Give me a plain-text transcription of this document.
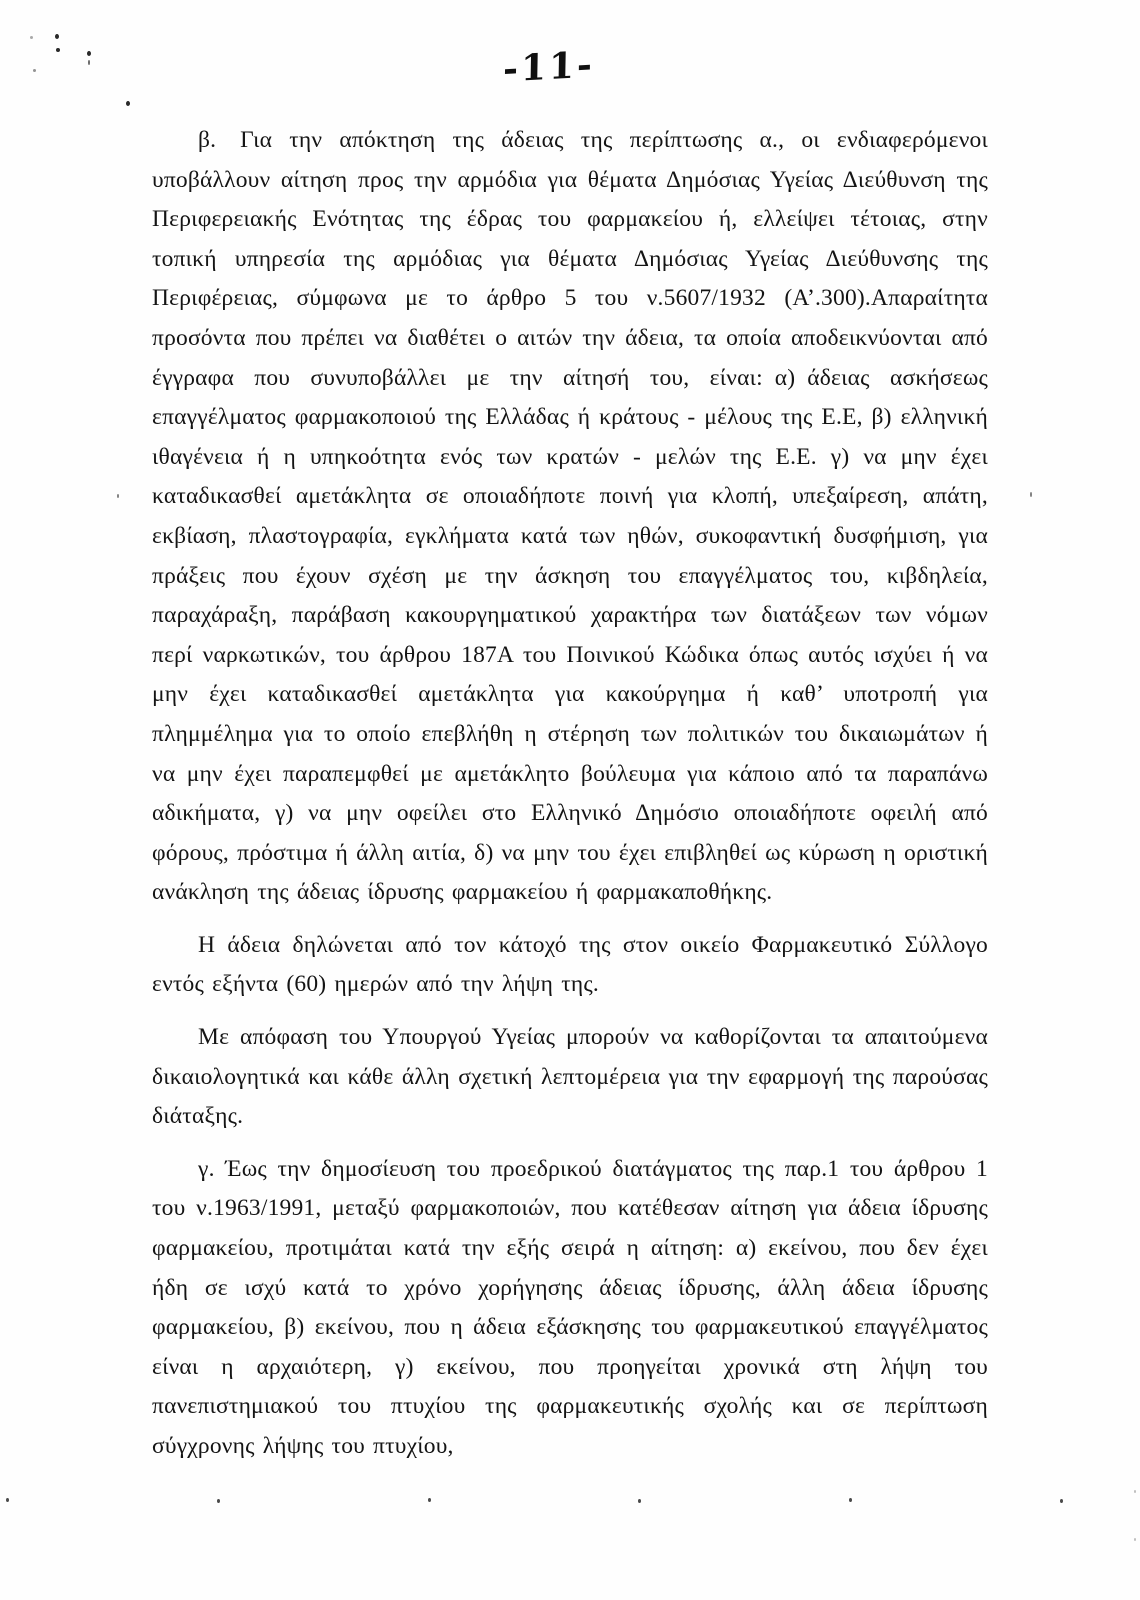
-11-

β.  Για την απόκτηση της άδειας της περίπτωσης α., οι ενδιαφερόμενοι υποβάλλουν αίτηση προς την αρμόδια για θέματα Δημόσιας Υγείας Διεύθυνση της Περιφερειακής Ενότητας της έδρας του φαρμακείου ή, ελλείψει τέτοιας, στην τοπική υπηρεσία της αρμόδιας για θέματα Δημόσιας Υγείας Διεύθυνσης της Περιφέρειας, σύμφωνα με το άρθρο 5 του ν.5607/1932 (Α’.300).Απαραίτητα προσόντα που πρέπει να διαθέτει ο αιτών την άδεια, τα οποία αποδεικνύονται από έγγραφα που συνυποβάλλει με την αίτησή του, είναι: α) άδειας ασκήσεως επαγγέλματος φαρμακοποιού της Ελλάδας ή κράτους - μέλους της Ε.Ε, β) ελληνική ιθαγένεια ή η υπηκοότητα ενός των κρατών - μελών της Ε.Ε. γ) να μην έχει καταδικασθεί αμετάκλητα σε οποιαδήποτε ποινή για κλοπή, υπεξαίρεση, απάτη, εκβίαση, πλαστογραφία, εγκλήματα κατά των ηθών, συκοφαντική δυσφήμιση, για πράξεις που έχουν σχέση με την άσκηση του επαγγέλματος του, κιβδηλεία, παραχάραξη, παράβαση κακουργηματικού χαρακτήρα των διατάξεων των νόμων περί ναρκωτικών, του άρθρου 187Α του Ποινικού Κώδικα όπως αυτός ισχύει ή να μην έχει καταδικασθεί αμετάκλητα για κακούργημα ή καθ’ υποτροπή για πλημμέλημα για το οποίο επεβλήθη η στέρηση των πολιτικών του δικαιωμάτων ή να μην έχει παραπεμφθεί με αμετάκλητο βούλευμα για κάποιο από τα παραπάνω αδικήματα, γ) να μην οφείλει στο Ελληνικό Δημόσιο οποιαδήποτε οφειλή από φόρους, πρόστιμα ή άλλη αιτία, δ) να μην του έχει επιβληθεί ως κύρωση η οριστική ανάκληση της άδειας ίδρυσης φαρμακείου ή φαρμακαποθήκης.

Η άδεια δηλώνεται από τον κάτοχό της στον οικείο Φαρμακευτικό Σύλλογο εντός εξήντα (60) ημερών από την λήψη της.

Με απόφαση του Υπουργού Υγείας μπορούν να καθορίζονται τα απαιτούμενα δικαιολογητικά και κάθε άλλη σχετική λεπτομέρεια για την εφαρμογή της παρούσας διάταξης.

γ. Έως την δημοσίευση του προεδρικού διατάγματος της παρ.1 του άρθρου 1 του ν.1963/1991, μεταξύ φαρμακοποιών, που κατέθεσαν αίτηση για άδεια ίδρυσης φαρμακείου, προτιμάται κατά την εξής σειρά η αίτηση: α) εκείνου, που δεν έχει ήδη σε ισχύ κατά το χρόνο χορήγησης άδειας ίδρυσης, άλλη άδεια ίδρυσης φαρμακείου, β) εκείνου, που η άδεια εξάσκησης του φαρμακευτικού επαγγέλματος είναι η αρχαιότερη, γ) εκείνου, που προηγείται χρονικά στη λήψη του πανεπιστημιακού του πτυχίου της φαρμακευτικής σχολής και σε περίπτωση σύγχρονης λήψης του πτυχίου,
